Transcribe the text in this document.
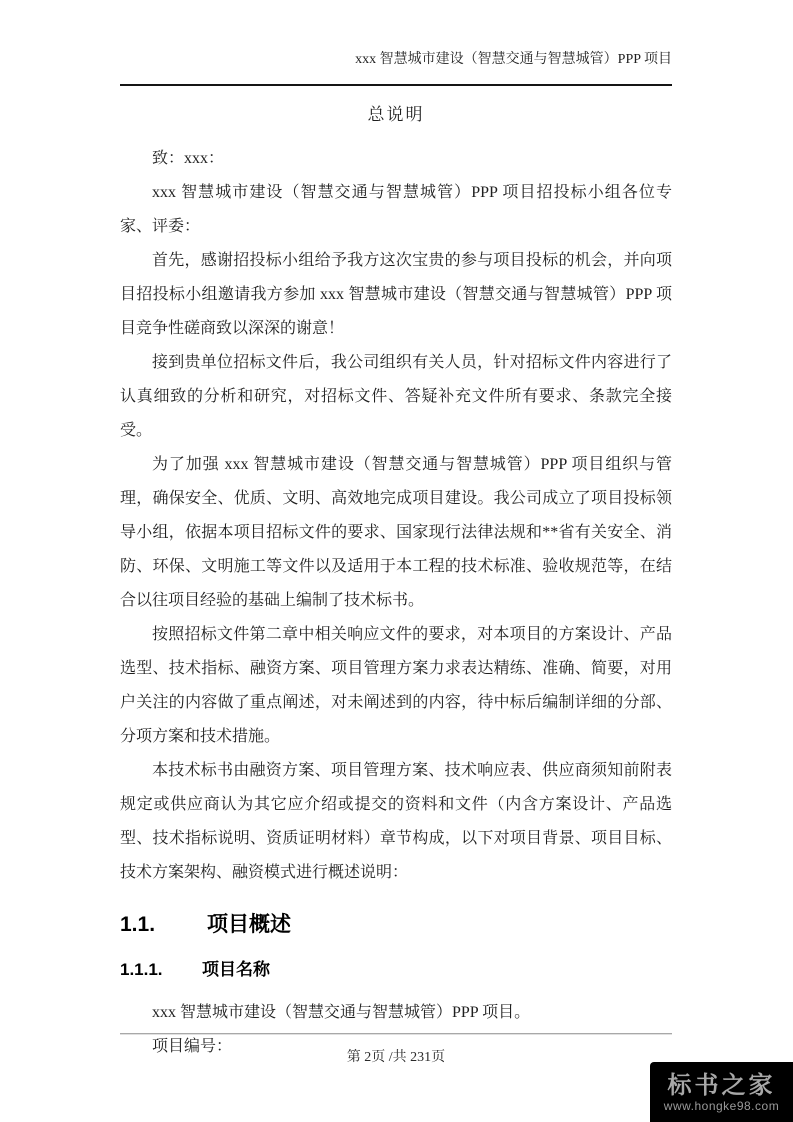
xxx 智慧城市建设（智慧交通与智慧城管）PPP 项目
总说明

致：xxx：

xxx 智慧城市建设（智慧交通与智慧城管）PPP 项目招投标小组各位专家、评委：

首先，感谢招投标小组给予我方这次宝贵的参与项目投标的机会，并向项目招投标小组邀请我方参加 xxx 智慧城市建设（智慧交通与智慧城管）PPP 项目竞争性磋商致以深深的谢意！

接到贵单位招标文件后，我公司组织有关人员，针对招标文件内容进行了认真细致的分析和研究，对招标文件、答疑补充文件所有要求、条款完全接受。

为了加强 xxx 智慧城市建设（智慧交通与智慧城管）PPP 项目组织与管理，确保安全、优质、文明、高效地完成项目建设。我公司成立了项目投标领导小组，依据本项目招标文件的要求、国家现行法律法规和**省有关安全、消防、环保、文明施工等文件以及适用于本工程的技术标准、验收规范等，在结合以往项目经验的基础上编制了技术标书。

按照招标文件第二章中相关响应文件的要求，对本项目的方案设计、产品选型、技术指标、融资方案、项目管理方案力求表达精练、准确、简要，对用户关注的内容做了重点阐述，对未阐述到的内容，待中标后编制详细的分部、分项方案和技术措施。

本技术标书由融资方案、项目管理方案、技术响应表、供应商须知前附表规定或供应商认为其它应介绍或提交的资料和文件（内含方案设计、产品选型、技术指标说明、资质证明材料）章节构成，以下对项目背景、项目目标、技术方案架构、融资模式进行概述说明：

1.1. 项目概述
1.1.1. 项目名称

xxx 智慧城市建设（智慧交通与智慧城管）PPP 项目。

项目编号：

第 2页 /共 231页
标书之家
www.hongke98.com
